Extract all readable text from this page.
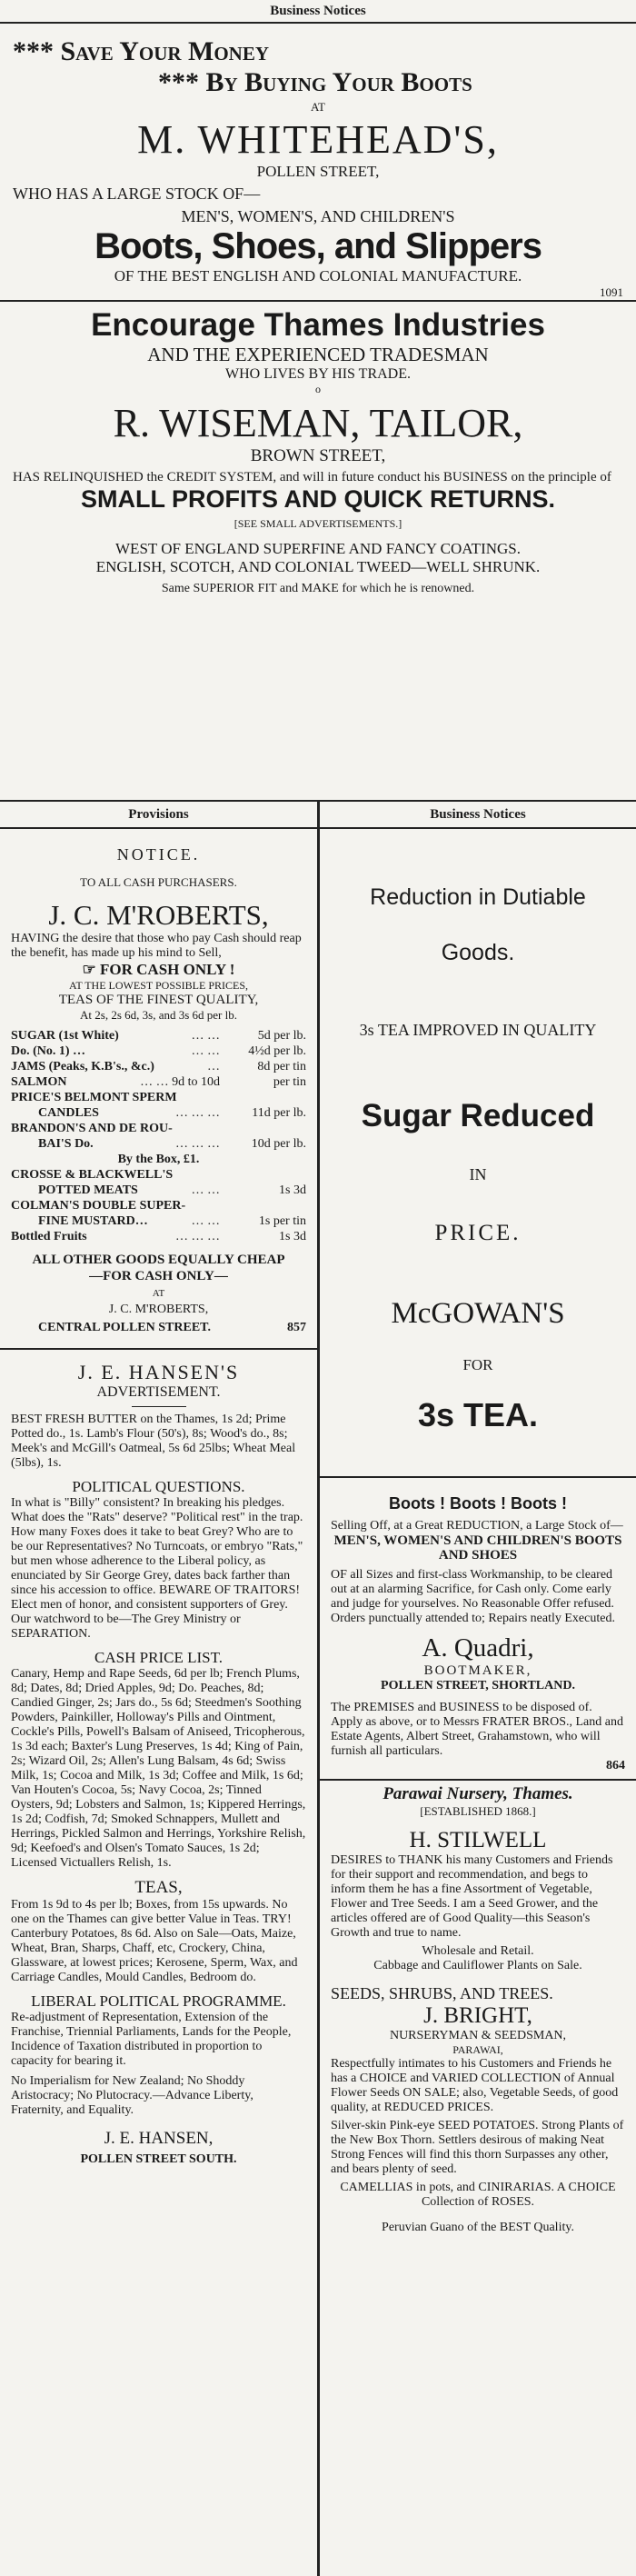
Business Notices
*** Save Your Money
*** By Buying Your Boots
AT
M. WHITEHEAD'S,
POLLEN STREET,
WHO HAS A LARGE STOCK OF—
MEN'S, WOMEN'S, AND CHILDREN'S
Boots, Shoes, and Slippers
OF THE BEST ENGLISH AND COLONIAL MANUFACTURE.
1091
Encourage Thames Industries
AND THE EXPERIENCED TRADESMAN
WHO LIVES BY HIS TRADE.
o
R. WISEMAN, TAILOR,
BROWN STREET,
HAS RELINQUISHED the CREDIT SYSTEM, and will in future conduct his BUSINESS on the principle of
SMALL PROFITS AND QUICK RETURNS.
[SEE SMALL ADVERTISEMENTS.]
WEST OF ENGLAND SUPERFINE AND FANCY COATINGS.
ENGLISH, SCOTCH, AND COLONIAL TWEED—WELL SHRUNK.
Same SUPERIOR FIT and MAKE for which he is renowned.
Provisions
NOTICE.
TO ALL CASH PURCHASERS.
J. C. M'ROBERTS,
HAVING the desire that those who pay Cash should reap the benefit, has made up his mind to Sell,
☞ FOR CASH ONLY !
AT THE LOWEST POSSIBLE PRICES,
TEAS OF THE FINEST QUALITY,
At 2s, 2s 6d, 3s, and 3s 6d per lb.
SUGAR (1st White)	… …	5d per lb.
Do. (No. 1) …	… …	4½d per lb.
JAMS (Peaks, K.B's., &c.)	…	8d per tin
SALMON	… … 9d to 10d	per tin
PRICE'S BELMONT SPERM
CANDLES	… … …	11d per lb.
BRANDON'S AND DE ROU-
BAI'S Do.	… … …	10d per lb.
By the Box, £1.
CROSSE & BLACKWELL'S
POTTED MEATS	… …	1s 3d
COLMAN'S DOUBLE SUPER-
FINE MUSTARD…	… …	1s per tin
Bottled Fruits	… … …	1s 3d
ALL OTHER GOODS EQUALLY CHEAP
—FOR CASH ONLY—
AT
J. C. M'ROBERTS,
CENTRAL POLLEN STREET.	857
J. E. HANSEN'S
ADVERTISEMENT.
BEST FRESH BUTTER on the Thames, 1s 2d; Prime Potted do., 1s. Lamb's Flour (50's), 8s; Wood's do., 8s; Meek's and McGill's Oatmeal, 5s 6d 25lbs; Wheat Meal (5lbs), 1s.
POLITICAL QUESTIONS.
In what is "Billy" consistent? In breaking his pledges. What does the "Rats" deserve? "Political rest" in the trap. How many Foxes does it take to beat Grey? Who are to be our Representatives? No Turncoats, or embryo "Rats," but men whose adherence to the Liberal policy, as enunciated by Sir George Grey, dates back farther than since his accession to office. BEWARE OF TRAITORS! Elect men of honor, and consistent supporters of Grey. Our watchword to be—The Grey Ministry or SEPARATION.
CASH PRICE LIST.
Canary, Hemp and Rape Seeds, 6d per lb; French Plums, 8d; Dates, 8d; Dried Apples, 9d; Do. Peaches, 8d; Candied Ginger, 2s; Jars do., 5s 6d; Steedmen's Soothing Powders, Painkiller, Holloway's Pills and Ointment, Cockle's Pills, Powell's Balsam of Aniseed, Tricopherous, 1s 3d each; Baxter's Lung Preserves, 1s 4d; King of Pain, 2s; Wizard Oil, 2s; Allen's Lung Balsam, 4s 6d; Swiss Milk, 1s; Cocoa and Milk, 1s 3d; Coffee and Milk, 1s 6d; Van Houten's Cocoa, 5s; Navy Cocoa, 2s; Tinned Oysters, 9d; Lobsters and Salmon, 1s; Kippered Herrings, 1s 2d; Codfish, 7d; Smoked Schnappers, Mullett and Herrings, Pickled Salmon and Herrings, Yorkshire Relish, 9d; Keefoed's and Olsen's Tomato Sauces, 1s 2d; Licensed Victuallers Relish, 1s.
TEAS,
From 1s 9d to 4s per lb; Boxes, from 15s upwards. No one on the Thames can give better Value in Teas. TRY! Canterbury Potatoes, 8s 6d. Also on Sale—Oats, Maize, Wheat, Bran, Sharps, Chaff, etc, Crockery, China, Glassware, at lowest prices; Kerosene, Sperm, Wax, and Carriage Candles, Mould Candles, Bedroom do.
LIBERAL POLITICAL PROGRAMME.
Re-adjustment of Representation, Extension of the Franchise, Triennial Parliaments, Lands for the People, Incidence of Taxation distributed in proportion to capacity for bearing it.
No Imperialism for New Zealand; No Shoddy Aristocracy; No Plutocracy.—Advance Liberty, Fraternity, and Equality.
J. E. HANSEN,
POLLEN STREET SOUTH.
Business Notices
Reduction in Dutiable
Goods.
3s TEA IMPROVED IN QUALITY
Sugar Reduced
IN
PRICE.
McGOWAN'S
FOR
3s TEA.
Boots ! Boots ! Boots !
Selling Off, at a Great REDUCTION, a Large Stock of—
MEN'S, WOMEN'S AND CHILDREN'S BOOTS AND SHOES
OF all Sizes and first-class Workmanship, to be cleared out at an alarming Sacrifice, for Cash only. Come early and judge for yourselves. No Reasonable Offer refused. Orders punctually attended to; Repairs neatly Executed.
A. Quadri,
BOOTMAKER,
POLLEN STREET, SHORTLAND.
The PREMISES and BUSINESS to be disposed of. Apply as above, or to Messrs FRATER BROS., Land and Estate Agents, Albert Street, Grahamstown, who will furnish all particulars.
864
Parawai Nursery, Thames.
[ESTABLISHED 1868.]
H. STILWELL
DESIRES to THANK his many Customers and Friends for their support and recommendation, and begs to inform them he has a fine Assortment of Vegetable, Flower and Tree Seeds. I am a Seed Grower, and the articles offered are of Good Quality—this Season's Growth and true to name.
Wholesale and Retail.
Cabbage and Cauliflower Plants on Sale.
SEEDS, SHRUBS, AND TREES.
J. BRIGHT,
NURSERYMAN & SEEDSMAN,
PARAWAI,
Respectfully intimates to his Customers and Friends he has a CHOICE and VARIED COLLECTION of Annual Flower Seeds ON SALE; also, Vegetable Seeds, of good quality, at REDUCED PRICES.
Silver-skin Pink-eye SEED POTATOES. Strong Plants of the New Box Thorn. Settlers desirous of making Neat Strong Fences will find this thorn Surpasses any other, and bears plenty of seed.
CAMELLIAS in pots, and CINIRARIAS. A CHOICE Collection of ROSES.
Peruvian Guano of the BEST Quality.
